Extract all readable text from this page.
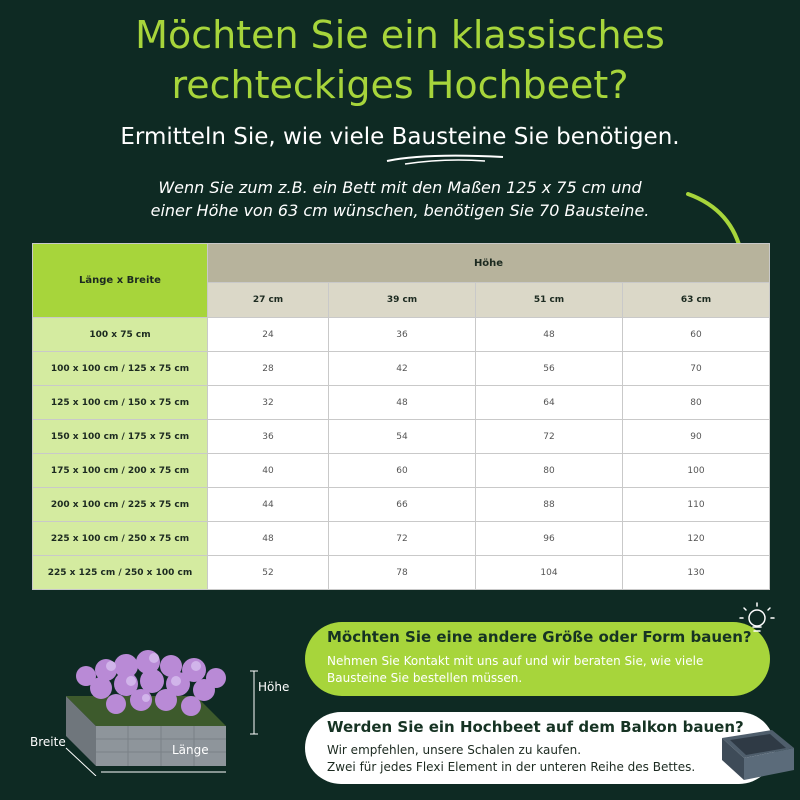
Möchten Sie ein klassisches
rechteckiges Hochbeet?
Ermitteln Sie, wie viele Bausteine Sie benötigen.
Wenn Sie zum z.B. ein Bett mit den Maßen 125 x 75 cm und
einer Höhe von 63 cm wünschen, benötigen Sie 70 Bausteine.
Länge x Breite	Höhe			
	27 cm	39 cm	51 cm	63 cm
100 x 75 cm	24	36	48	60
100 x 100 cm / 125 x 75 cm	28	42	56	70
125 x 100 cm / 150 x 75 cm	32	48	64	80
150 x 100 cm / 175 x 75 cm	36	54	72	90
175 x 100 cm / 200 x 75 cm	40	60	80	100
200 x 100 cm / 225 x 75 cm	44	66	88	110
225 x 100 cm / 250 x 75 cm	48	72	96	120
225 x 125 cm / 250 x 100 cm	52	78	104	130
Höhe
Breite
Länge
Möchten Sie eine andere Größe oder Form bauen?
Nehmen Sie Kontakt mit uns auf und wir beraten Sie, wie viele Bausteine Sie bestellen müssen.
Werden Sie ein Hochbeet auf dem Balkon bauen?
Wir empfehlen, unsere Schalen zu kaufen.
Zwei für jedes Flexi Element in der unteren Reihe des Bettes.
